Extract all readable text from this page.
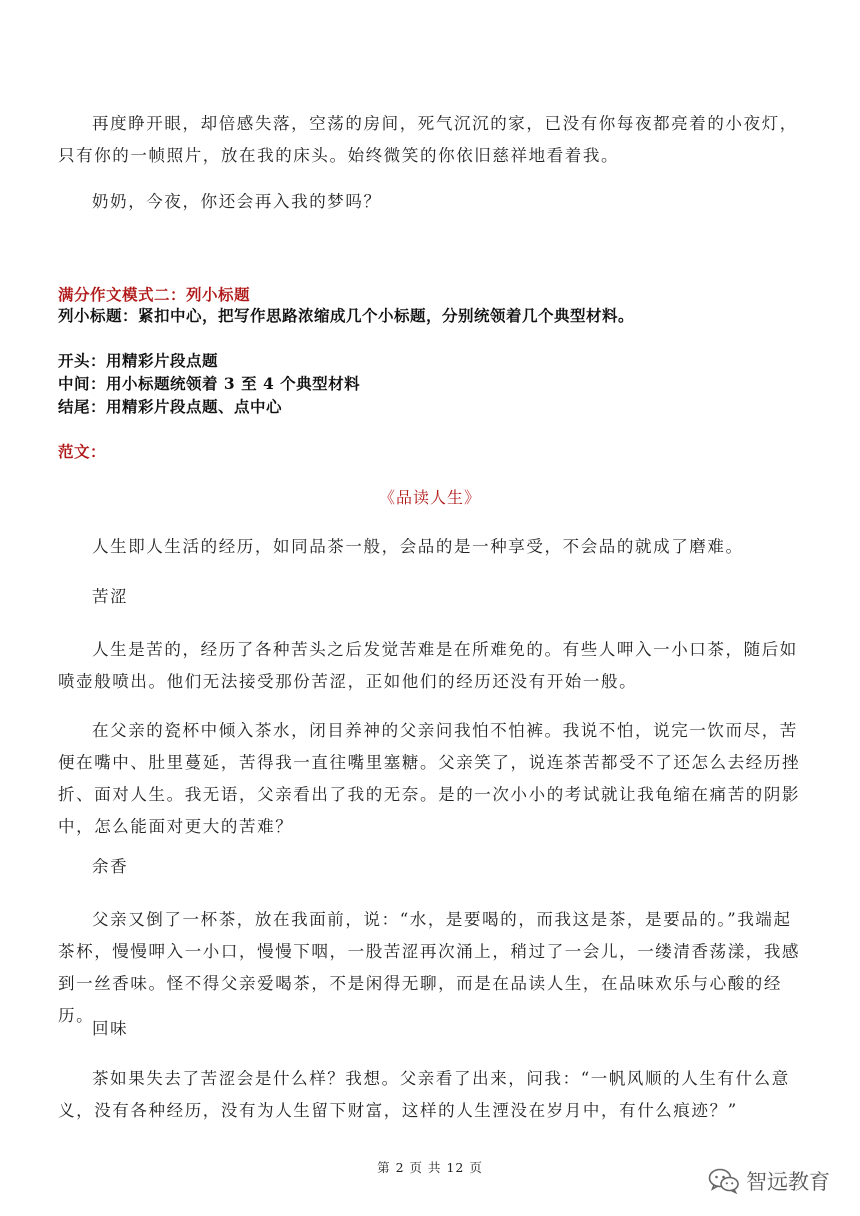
再度睁开眼，却倍感失落，空荡的房间，死气沉沉的家，已没有你每夜都亮着的小夜灯，只有你的一帧照片，放在我的床头。始终微笑的你依旧慈祥地看着我。
奶奶，今夜，你还会再入我的梦吗？
满分作文模式二：列小标题
列小标题：紧扣中心，把写作思路浓缩成几个小标题，分别统领着几个典型材料。
开头：用精彩片段点题
中间：用小标题统领着 3 至 4 个典型材料
结尾：用精彩片段点题、点中心
范文：
《品读人生》
人生即人生活的经历，如同品茶一般，会品的是一种享受，不会品的就成了磨难。
苦涩
人生是苦的，经历了各种苦头之后发觉苦难是在所难免的。有些人呷入一小口茶，随后如喷壶般喷出。他们无法接受那份苦涩，正如他们的经历还没有开始一般。
在父亲的瓷杯中倾入茶水，闭目养神的父亲问我怕不怕裤。我说不怕，说完一饮而尽，苦便在嘴中、肚里蔓延，苦得我一直往嘴里塞糖。父亲笑了，说连茶苦都受不了还怎么去经历挫折、面对人生。我无语，父亲看出了我的无奈。是的一次小小的考试就让我龟缩在痛苦的阴影中，怎么能面对更大的苦难？
余香
父亲又倒了一杯茶，放在我面前，说：“水，是要喝的，而我这是茶，是要品的。”我端起茶杯，慢慢呷入一小口，慢慢下咽，一股苦涩再次涌上，稍过了一会儿，一缕清香荡漾，我感到一丝香味。怪不得父亲爱喝茶，不是闲得无聊，而是在品读人生，在品味欢乐与心酸的经历。
回味
茶如果失去了苦涩会是什么样？我想。父亲看了出来，问我：“一帆风顺的人生有什么意义，没有各种经历，没有为人生留下财富，这样的人生湮没在岁月中，有什么痕迹？”
第 2 页 共 12 页
智远教育
